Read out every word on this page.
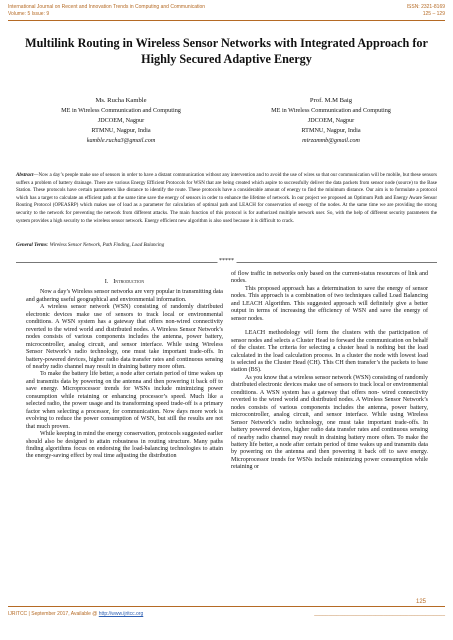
International Journal on Recent and Innovation Trends in Computing and Communication
Volume: 5 Issue: 9
ISSN: 2321-8169
125 – 129
Multilink Routing in Wireless Sensor Networks with Integrated Approach for
Highly Secured Adaptive Energy
Ms. Rucha Kamble
ME in Wireless Communication and Computing
JDCOEM, Nagpur
RTMNU, Nagpur, India
kamble.rucha3@gmail.com
Prof. M.M Baig
ME in Wireless Communication and Computing
JDCOEM, Nagpur
RTMNU, Nagpur, India
mirzammb@gmail.com
Abstract—Now a day’s people make use of sensors in order to have a distant communication without any intervention and to avoid the use of wires so that our communication will be mobile, but these sensors suffers a problem of battery drainage. There are various Energy Efficient Protocols for WSN that are being created which aspire to successfully deliver the data packets from sensor node (source) to the Base Station. These protocols have certain parameters like distance to identify the route. These protocols have a considerable amount of energy to find the minimum distance. Our aim is to formulate a protocol which has a target to calculate an efficient path at the same time save the energy of sensors in order to enhance the lifetime of network. In our project we proposed an Optimum Path and Energy Aware Sensor Routing Protocol (OPEASRP) which makes use of load as a parameter for calculation of optimal path and LEACH for conservation of energy of the nodes. At the same time we are providing the strong security to the network for preventing the network from different attacks. The main function of this protocol is for authorized multiple network user. So, with the help of different security parameters the system provides a high security to the wireless sensor network. Energy efficient new algorithm is also used because it is difficult to crack.
General Terms: Wireless Sensor Network, Path Finding, Load Balancing
*****
I. Introduction

Now a day’s Wireless sensor networks are very popular in transmitting data and gathering useful geographical and environmental information.

A wireless sensor network (WSN) consisting of randomly distributed electronic devices make use of sensors to track local or environmental conditions. A WSN system has a gateway that offers non-wired connectivity reverted to the wired world and distributed nodes. A Wireless Sensor Network’s nodes consists of various components includes the antenna, power battery, microcontroller, analog circuit, and sensor interface. While using Wireless Sensor Network’s radio technology, one must take important trade-offs. In battery-powered devices, higher radio data transfer rates and continuous sensing of nearby radio channel may result in draining battery more often.

To make the battery life better, a node after certain period of time wakes up and transmits data by powering on the antenna and then powering it back off to save energy. Microprocessor trends for WSNs include minimizing power consumption while retaining or enhancing processor’s speed. Much like a selected radio, the power usage and its transforming speed trade-off is a primary factor when selecting a processor, for communication. Now days more work is evolving to reduce the power consumption of WSN, but still the results are not that much proven.

While keeping in mind the energy conservation, protocols suggested earlier should also be designed to attain robustness in routing structure. Many paths finding algorithms focus on endorsing the load-balancing technologies to attain the energy-saving effect by real time adjusting the distribution

of flow traffic in networks only based on the current-status resources of link and nodes.

This proposed approach has a determination to save the energy of sensor nodes. This approach is a combination of two techniques called Load Balancing and LEACH Algorithm. This suggested approach will definitely give a better output in terms of increasing the efficiency of WSN and save the energy of sensor nodes.

LEACH methodology will form the clusters with the participation of sensor nodes and selects a Cluster Head to forward the communication on behalf of the cluster. The criteria for selecting a cluster head is nothing but the load calculated in the load calculation process. In a cluster the node with lowest load is selected as the Cluster Head (CH). This CH then transfer’s the packets to base station (BS).

As you know that a wireless sensor network (WSN) consisting of randomly distributed electronic devices make use of sensors to track local or environmental conditions. A WSN system has a gateway that offers non- wired connectivity reverted to the wired world and distributed nodes. A Wireless Sensor Network’s nodes consists of various components includes the antenna, power battery, microcontroller, analog circuit, and sensor interface. While using Wireless Sensor Network’s radio technology, one must take important trade-offs. In battery powered devices, higher radio data transfer rates and continuous sensing of nearby radio channel may result in draining battery more often. To make the battery life better, a node after certain period of time wakes up and transmits data by powering on the antenna and then powering it back off to save energy. Microprocessor trends for WSNs include minimizing power consumption while retaining or

125
IJRITCC | September 2017, Available @ http://www.ijritcc.org	_______________________________________________
